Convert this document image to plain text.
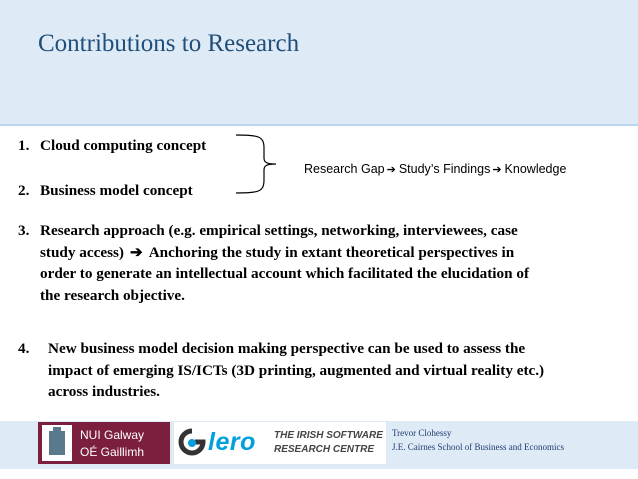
Contributions to Research
1. Cloud computing concept
2. Business model concept
Research Gap ➔ Study’s Findings ➔ Knowledge
3. Research approach (e.g. empirical settings, networking, interviewees, case
study access) ➔ Anchoring the study in extant theoretical perspectives in
order to generate an intellectual account which facilitated the elucidation of
the research objective.
4. New business model decision making perspective can be used to assess the
impact of emerging IS/ICTs (3D printing, augmented and virtual reality etc.)
across industries.
NUI Galway
OÉ Gaillimh	lero THE IRISH SOFTWARE
RESEARCH CENTRE
Trevor Clohessy
J.E. Cairnes School of Business and Economics
